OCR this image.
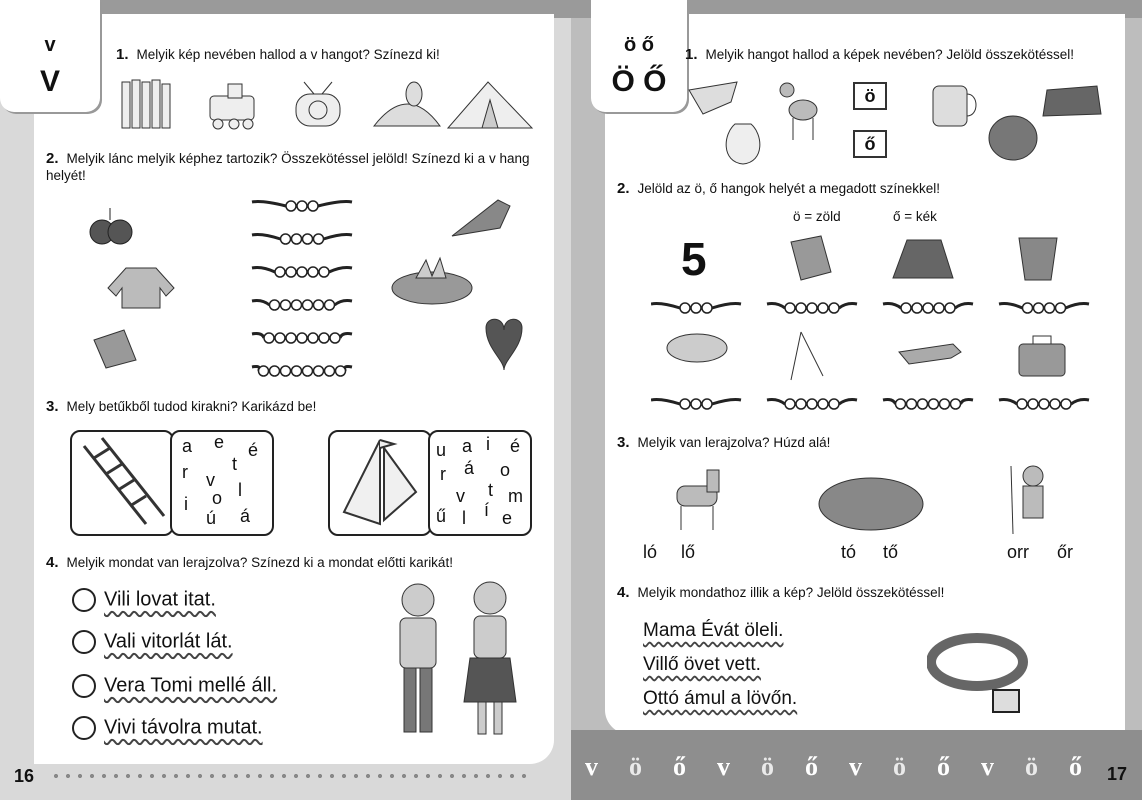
v
V
1. Melyik kép nevében hallod a v hangot? Színezd ki!
2. Melyik lánc melyik képhez tartozik? Összekötéssel jelöld! Színezd ki a v hang helyét!
3. Mely betűkből tudod kirakni? Karikázd be!
a e é
r t
v l
o
i
ú á
u a i é
r á o
v t m
ű l í e
4. Melyik mondat van lerajzolva? Színezd ki a mondat előtti karikát!
Vili lovat itat.
Vali vitorlát lát.
Vera Tomi mellé áll.
Vivi távolra mutat.
16
ö ő
Ö Ő
1. Melyik hangot hallod a képek nevében? Jelöld összekötéssel!
ö
ő
2. Jelöld az ö, ő hangok helyét a megadott színekkel!
ö = zöld	ő = kék
5
3. Melyik van lerajzolva? Húzd alá!
ló lő	tó tő	orr őr
4. Melyik mondathoz illik a kép? Jelöld összekötéssel!
Mama Évát öleli.
Villő övet vett.
Ottó ámul a lövőn.
v ö ő v ö ő v ö ő v ö ő 17
